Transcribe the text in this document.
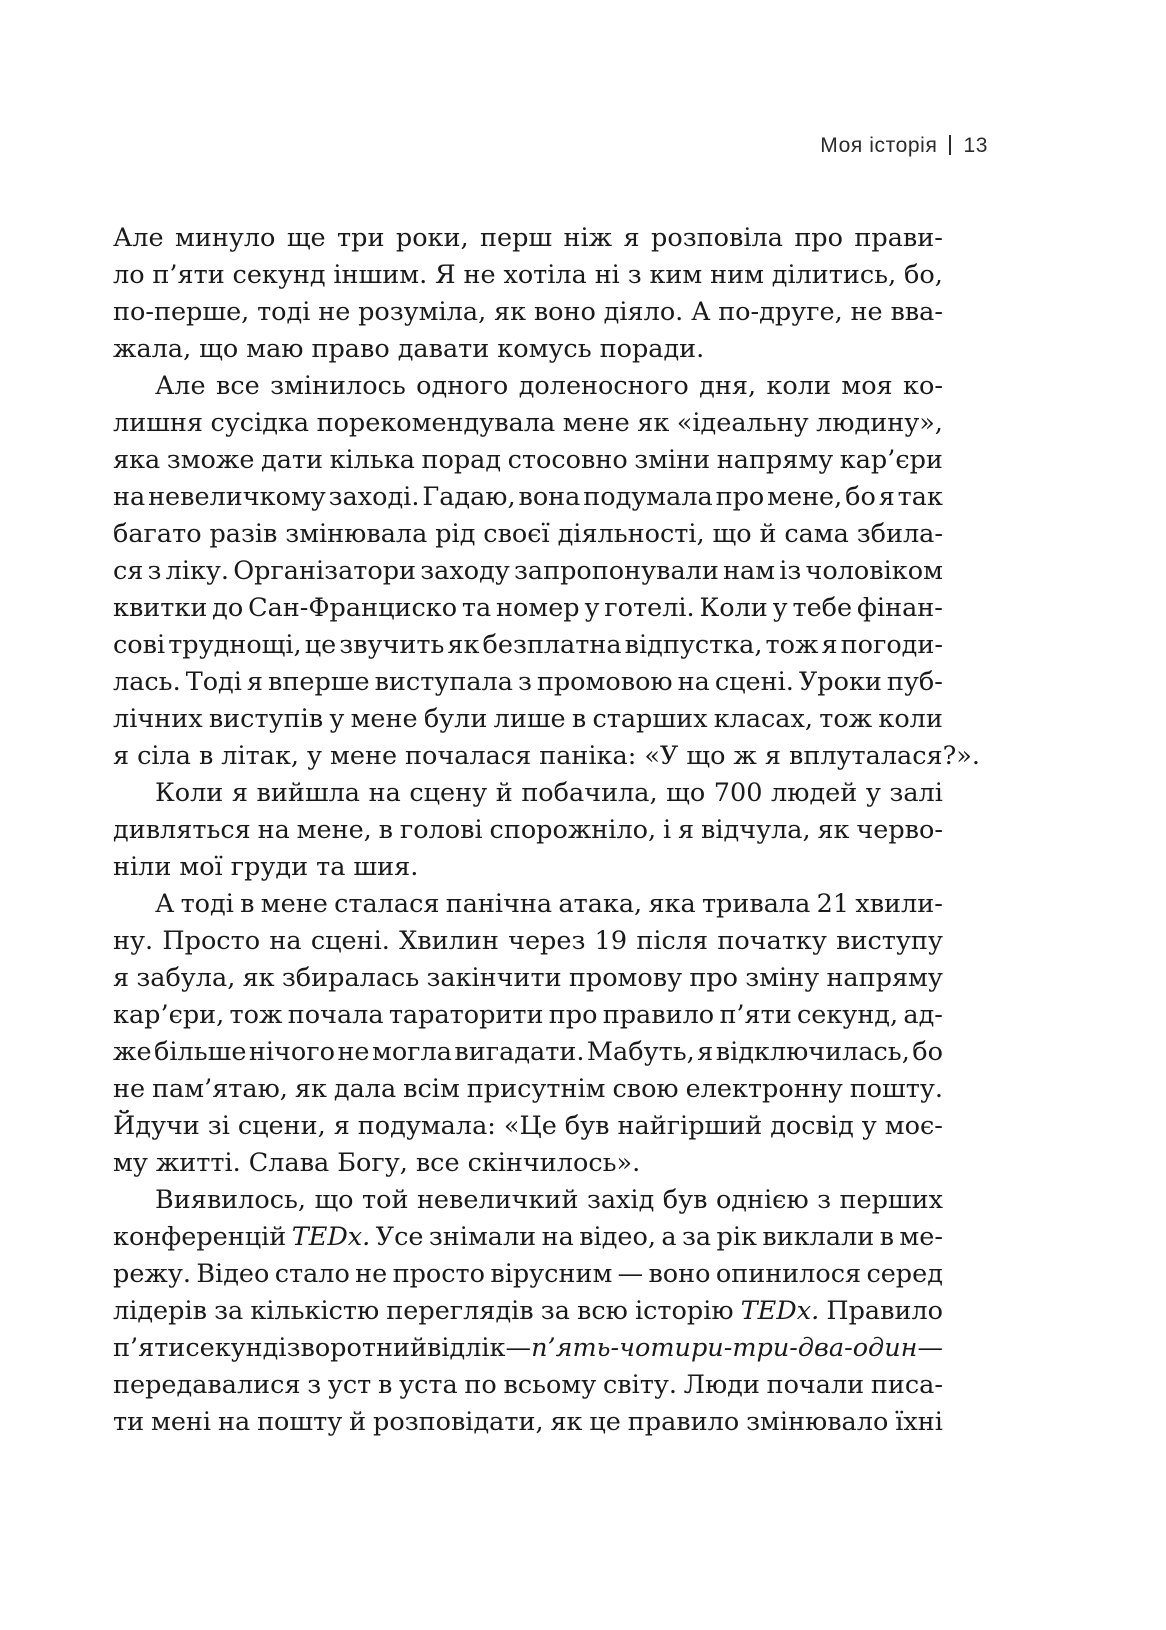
Моя історія 13
Але минуло ще три роки, перш ніж я розповіла про прави-
ло п’яти секунд іншим. Я не хотіла ні з ким ним ділитись, бо,
по-перше, тоді не розуміла, як воно діяло. А по-друге, не вва-
жала, що маю право давати комусь поради.
Але все змінилось одного доленосного дня, коли моя ко-
лишня сусідка порекомендувала мене як «ідеальну людину»,
яка зможе дати кілька порад стосовно зміни напряму кар’єри
на невеличкому заході. Гадаю, вона подумала про мене, бо я так
багато разів змінювала рід своєї діяльності, що й сама збила-
ся з ліку. Організатори заходу запропонували нам із чоловіком
квитки до Сан-Франциско та номер у готелі. Коли у тебе фінан-
сові труднощі, це звучить як безплатна відпустка, тож я погоди-
лась. Тоді я вперше виступала з промовою на сцені. Уроки пуб-
лічних виступів у мене були лише в старших класах, тож коли
я сіла в літак, у мене почалася паніка: «У що ж я вплуталася?».
Коли я вийшла на сцену й побачила, що 700 людей у залі
дивляться на мене, в голові спорожніло, і я відчула, як черво-
ніли мої груди та шия.
А тоді в мене сталася панічна атака, яка тривала 21 хвили-
ну. Просто на сцені. Хвилин через 19 після початку виступу
я забула, як збиралась закінчити промову про зміну напряму
кар’єри, тож почала тараторити про правило п’яти секунд, ад-
же більше нічого не могла вигадати. Мабуть, я відключилась, бо
не пам’ятаю, як дала всім присутнім свою електронну пошту.
Йдучи зі сцени, я подумала: «Це був найгірший досвід у моє-
му житті. Слава Богу, все скінчилось».
Виявилось, що той невеличкий захід був однією з перших
конференцій TEDx. Усе знімали на відео, а за рік виклали в ме-
режу. Відео стало не просто вірусним — воно опинилося серед
лідерів за кількістю переглядів за всю історію TEDx. Правило
п’яти секунд і зворотний відлік — п’ять-чотири-три-два-один —
передавалися з уст в уста по всьому світу. Люди почали писа-
ти мені на пошту й розповідати, як це правило змінювало їхні
